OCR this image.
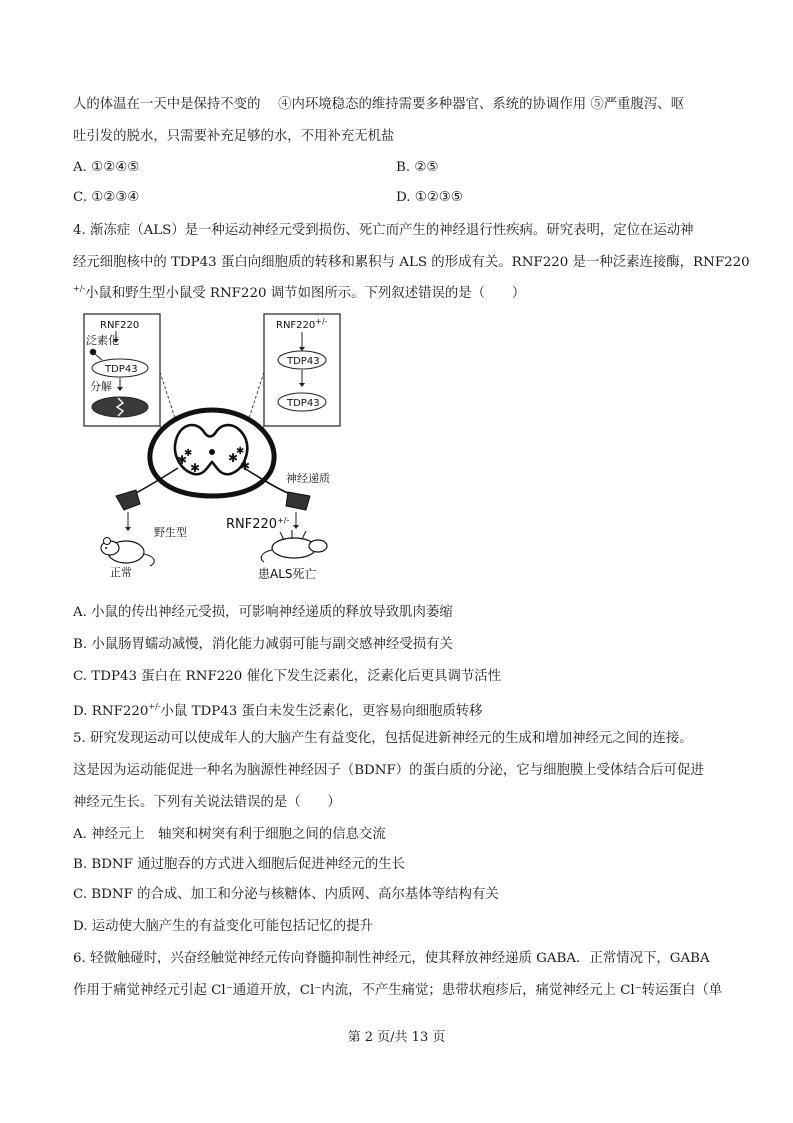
人的体温在一天中是保持不变的　 ④内环境稳态的维持需要多种器官、系统的协调作用 ⑤严重腹泻、呕
吐引发的脱水，只需要补充足够的水，不用补充无机盐
A. ①②④⑤	B. ②⑤
C. ①②③④	D. ①②③⑤
4. 渐冻症（ALS）是一种运动神经元受到损伤、死亡而产生的神经退行性疾病。研究表明，定位在运动神
经元细胞核中的 TDP43 蛋白向细胞质的转移和累积与 ALS 的形成有关。RNF220 是一种泛素连接酶，RNF220
+/-小鼠和野生型小鼠受 RNF220 调节如图所示。下列叙述错误的是（　　）
RNF220
泛素化
TDP43
分解
RNF220+/-
TDP43
TDP43
✱
✱
✱	✱
✱
✱
神经递质
野生型
RNF220+/-
正常	患ALS死亡
A. 小鼠的传出神经元受损，可影响神经递质的释放导致肌肉萎缩
B. 小鼠肠胃蠕动减慢，消化能力减弱可能与副交感神经受损有关
C. TDP43 蛋白在 RNF220 催化下发生泛素化，泛素化后更具调节活性
D. RNF220+/-小鼠 TDP43 蛋白未发生泛素化，更容易向细胞质转移
5. 研究发现运动可以使成年人的大脑产生有益变化，包括促进新神经元的生成和增加神经元之间的连接。
这是因为运动能促进一种名为脑源性神经因子（BDNF）的蛋白质的分泌，它与细胞膜上受体结合后可促进
神经元生长。下列有关说法错误的是（　　）
A. 神经元上　轴突和树突有利于细胞之间的信息交流
B. BDNF 通过胞吞的方式进入细胞后促进神经元的生长
C. BDNF 的合成、加工和分泌与核糖体、内质网、高尔基体等结构有关
D. 运动使大脑产生的有益变化可能包括记忆的提升
6. 轻微触碰时，兴奋经触觉神经元传向脊髓抑制性神经元，使其释放神经递质 GABA．正常情况下，GABA
作用于痛觉神经元引起 Cl⁻通道开放，Cl⁻内流，不产生痛觉；患带状疱疹后，痛觉神经元上 Cl⁻转运蛋白（单
第 2 页/共 13 页
